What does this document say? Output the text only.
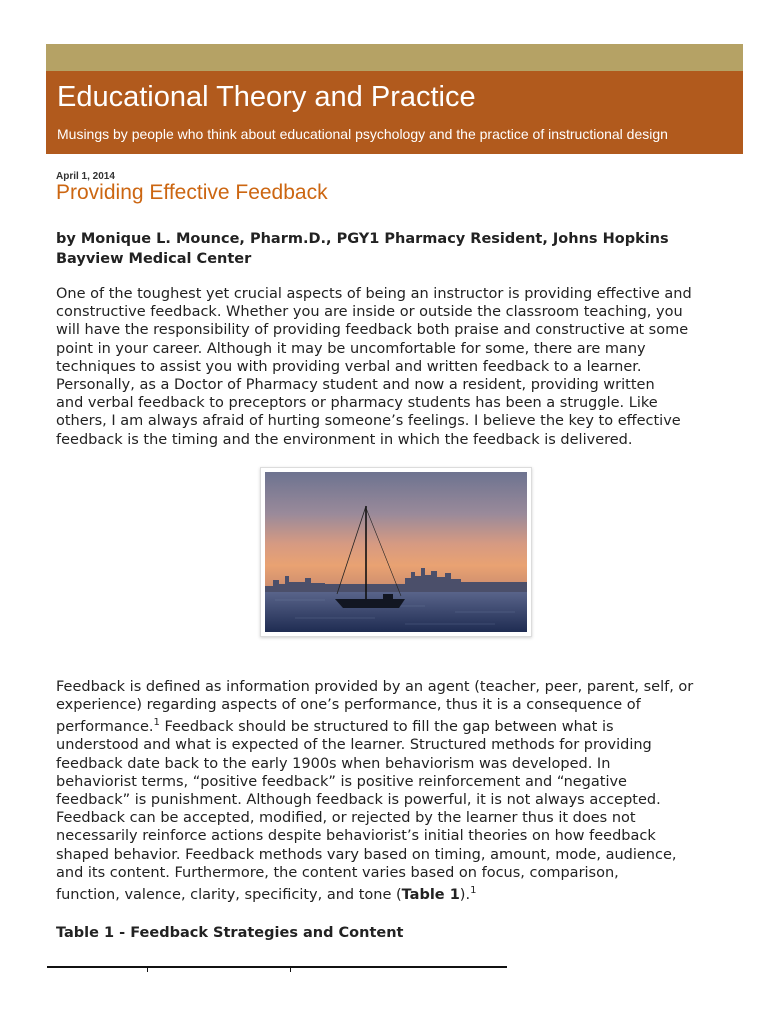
Educational Theory and Practice
Musings by people who think about educational psychology and the practice of instructional design
April 1, 2014
Providing Effective Feedback
by Monique L. Mounce, Pharm.D., PGY1 Pharmacy Resident, Johns Hopkins Bayview Medical Center
One of the toughest yet crucial aspects of being an instructor is providing effective and
constructive feedback. Whether you are inside or outside the classroom teaching, you
will have the responsibility of providing feedback both praise and constructive at some
point in your career. Although it may be uncomfortable for some, there are many
techniques to assist you with providing verbal and written feedback to a learner.
Personally, as a Doctor of Pharmacy student and now a resident, providing written
and verbal feedback to preceptors or pharmacy students has been a struggle. Like
others, I am always afraid of hurting someone’s feelings. I believe the key to effective
feedback is the timing and the environment in which the feedback is delivered.
Feedback is defined as information provided by an agent (teacher, peer, parent, self, or
experience) regarding aspects of one’s performance, thus it is a consequence of
performance.$^1$ Feedback should be structured to fill the gap between what is
understood and what is expected of the learner. Structured methods for providing
feedback date back to the early 1900s when behaviorism was developed. In
behaviorist terms, “positive feedback” is positive reinforcement and “negative
feedback” is punishment. Although feedback is powerful, it is not always accepted.
Feedback can be accepted, modified, or rejected by the learner thus it does not
necessarily reinforce actions despite behaviorist’s initial theories on how feedback
shaped behavior. Feedback methods vary based on timing, amount, mode, audience,
and its content. Furthermore, the content varies based on focus, comparison,
function, valence, clarity, specificity, and tone (Table 1).$^1$
Table 1 - Feedback Strategies and Content
